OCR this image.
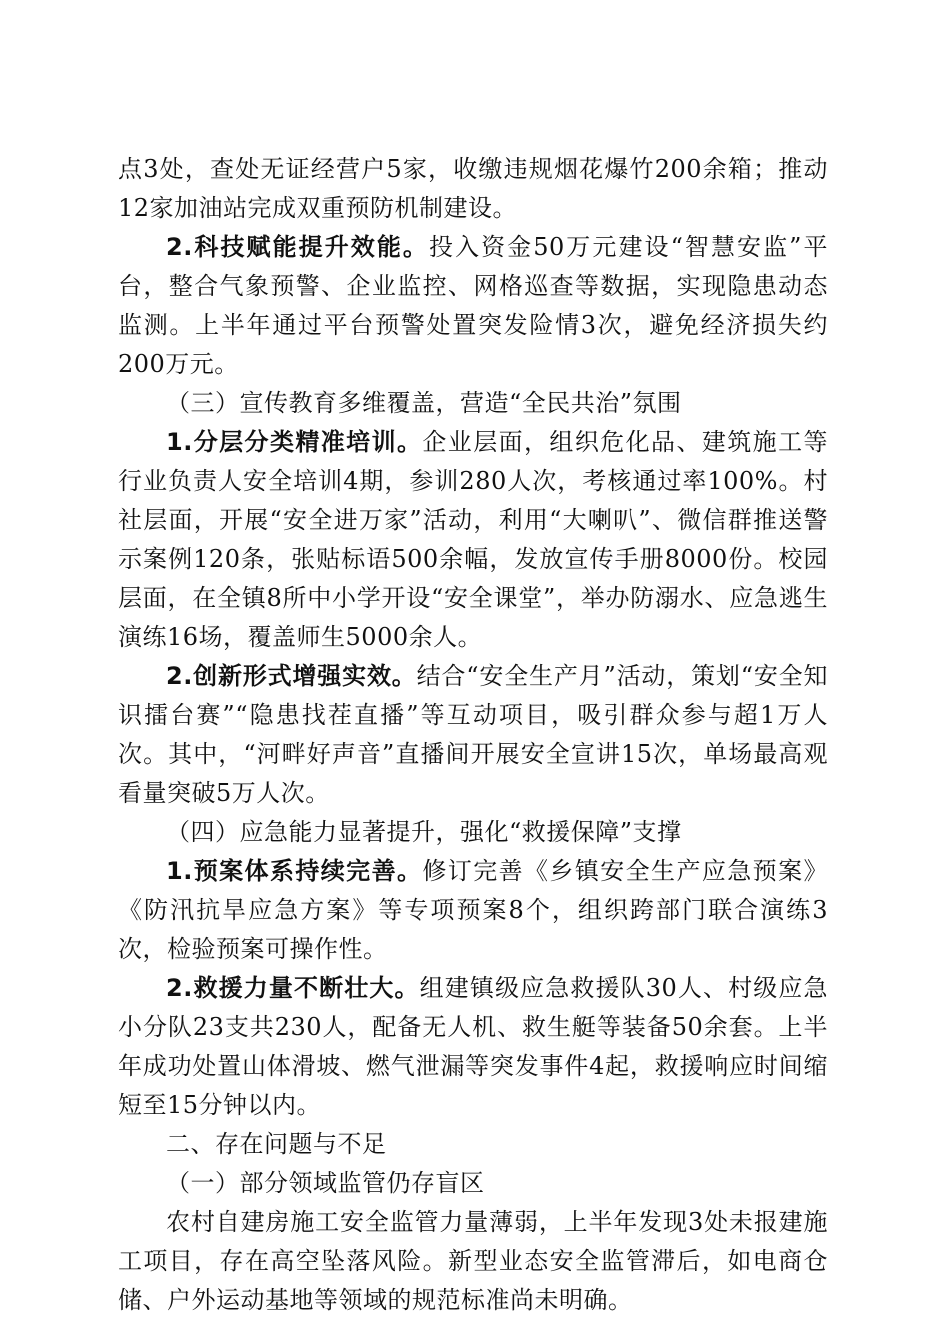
点3处，查处无证经营户5家，收缴违规烟花爆竹200余箱；推动12家加油站完成双重预防机制建设。

2.科技赋能提升效能。投入资金50万元建设“智慧安监”平台，整合气象预警、企业监控、网格巡查等数据，实现隐患动态监测。上半年通过平台预警处置突发险情3次，避免经济损失约200万元。

（三）宣传教育多维覆盖，营造“全民共治”氛围

1.分层分类精准培训。企业层面，组织危化品、建筑施工等行业负责人安全培训4期，参训280人次，考核通过率100%。村社层面，开展“安全进万家”活动，利用“大喇叭”、微信群推送警示案例120条，张贴标语500余幅，发放宣传手册8000份。校园层面，在全镇8所中小学开设“安全课堂”，举办防溺水、应急逃生演练16场，覆盖师生5000余人。

2.创新形式增强实效。结合“安全生产月”活动，策划“安全知识擂台赛”“隐患找茬直播”等互动项目，吸引群众参与超1万人次。其中，“河畔好声音”直播间开展安全宣讲15次，单场最高观看量突破5万人次。

（四）应急能力显著提升，强化“救援保障”支撑

1.预案体系持续完善。修订完善《乡镇安全生产应急预案》《防汛抗旱应急方案》等专项预案8个，组织跨部门联合演练3次，检验预案可操作性。

2.救援力量不断壮大。组建镇级应急救援队30人、村级应急小分队23支共230人，配备无人机、救生艇等装备50余套。上半年成功处置山体滑坡、燃气泄漏等突发事件4起，救援响应时间缩短至15分钟以内。

二、存在问题与不足

（一）部分领域监管仍存盲区

农村自建房施工安全监管力量薄弱，上半年发现3处未报建施工项目，存在高空坠落风险。新型业态安全监管滞后，如电商仓储、户外运动基地等领域的规范标准尚未明确。
